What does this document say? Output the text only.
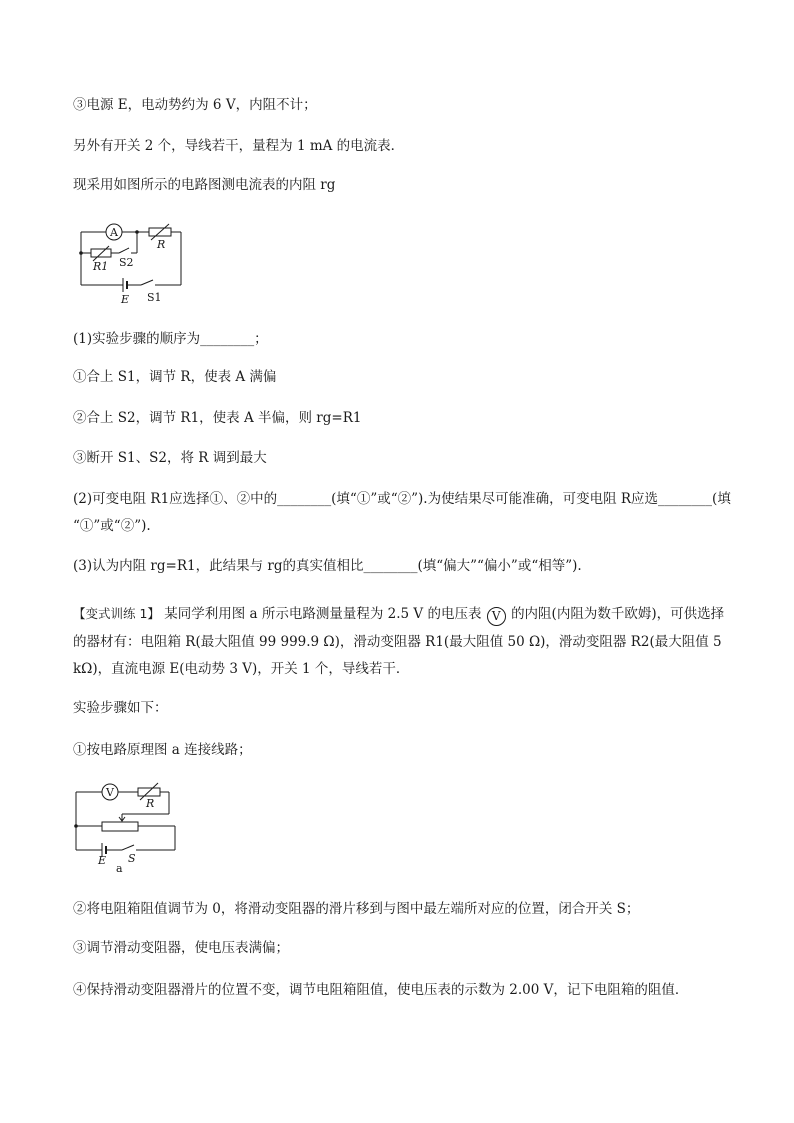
③电源 E，电动势约为 6 V，内阻不计；
另外有开关 2 个，导线若干，量程为 1 mA 的电流表．
现采用如图所示的电路图测电流表的内阻 rg
A
R
R1 S2
E S1
(1)实验步骤的顺序为________；
①合上 S1，调节 R，使表 A 满偏
②合上 S2，调节 R1，使表 A 半偏，则 rg=R1
③断开 S1、S2，将 R 调到最大
(2)可变电阻 R1应选择①、②中的________(填“①”或“②”).为使结果尽可能准确，可变电阻 R应选________(填
“①”或“②”).
(3)认为内阻 rg=R1，此结果与 rg的真实值相比________(填“偏大”“偏小”或“相等”).
【变式训练 1】 某同学利用图 a 所示电路测量量程为 2.5 V 的电压表 V 的内阻(内阻为数千欧姆)，可供选择
的器材有：电阻箱 R(最大阻值 99 999.9 Ω)，滑动变阻器 R1(最大阻值 50 Ω)，滑动变阻器 R2(最大阻值 5
kΩ)，直流电源 E(电动势 3 V)，开关 1 个，导线若干．
实验步骤如下：
①按电路原理图 a 连接线路；
V
R
E S
a
②将电阻箱阻值调节为 0，将滑动变阻器的滑片移到与图中最左端所对应的位置，闭合开关 S；
③调节滑动变阻器，使电压表满偏；
④保持滑动变阻器滑片的位置不变，调节电阻箱阻值，使电压表的示数为 2.00 V，记下电阻箱的阻值．
